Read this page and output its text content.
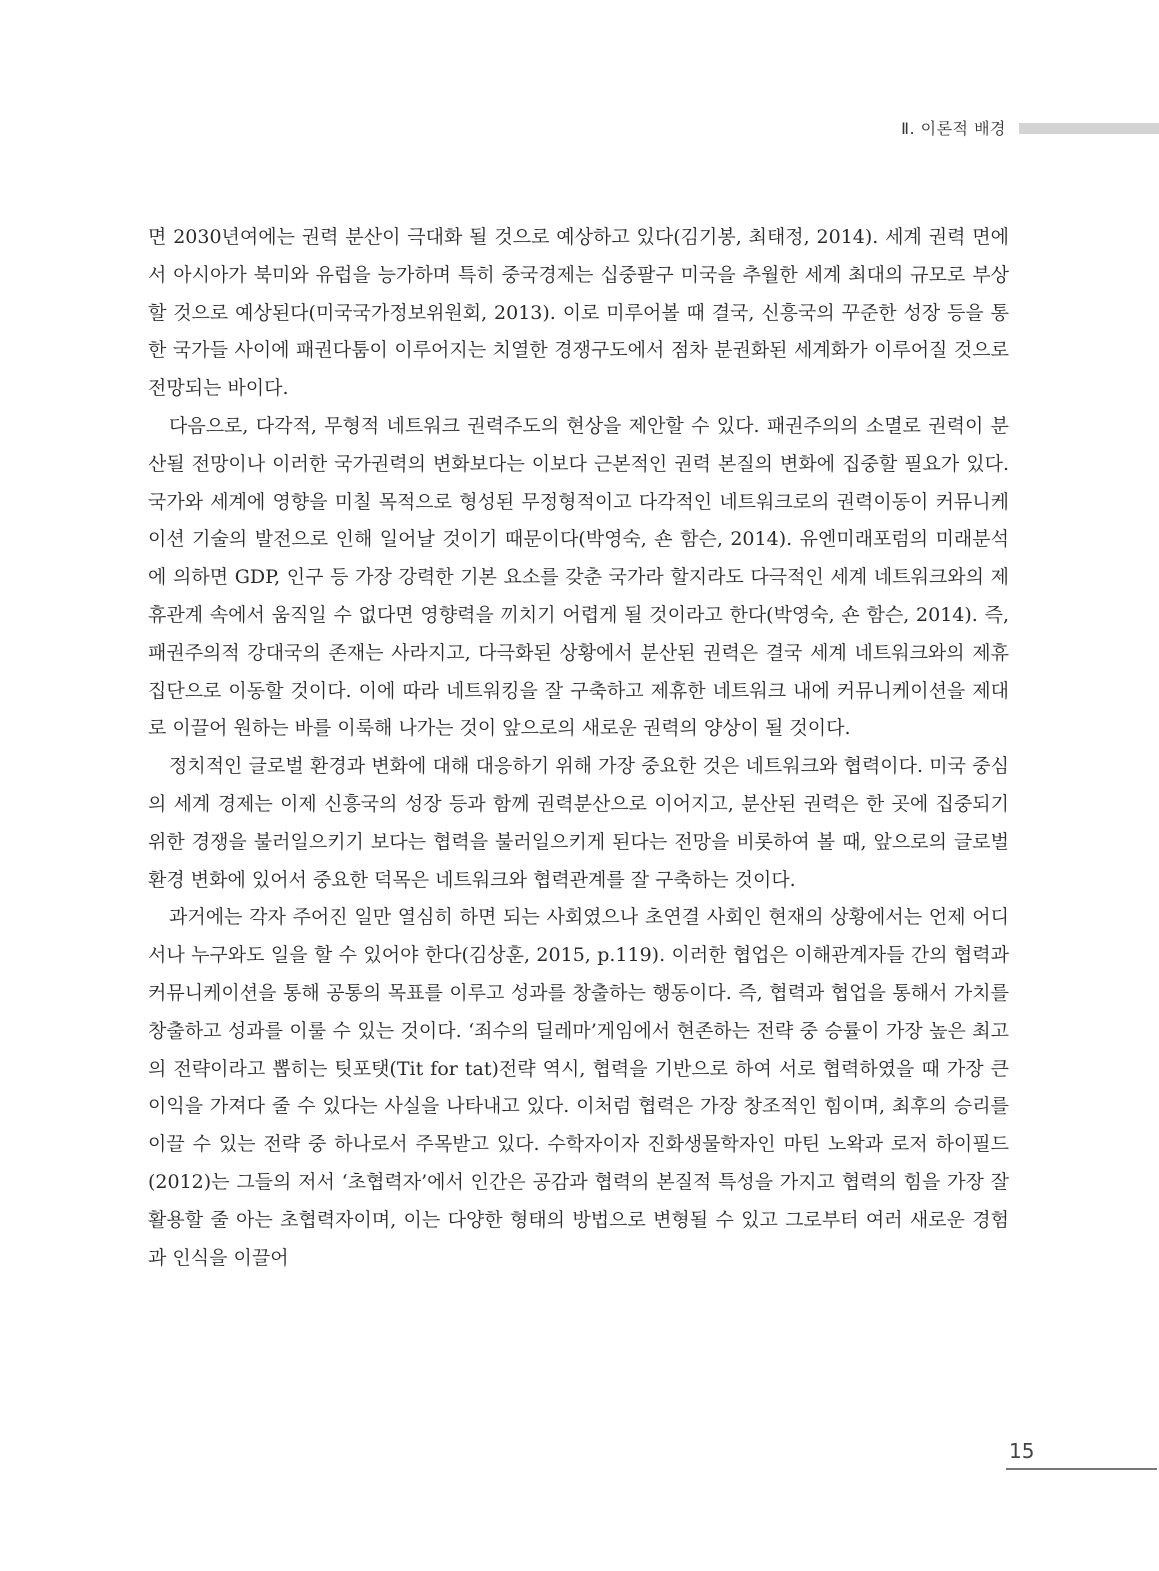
Ⅱ. 이론적 배경

면 2030년여에는 권력 분산이 극대화 될 것으로 예상하고 있다(김기봉, 최태정, 2014). 세계 권력 면에서 아시아가 북미와 유럽을 능가하며 특히 중국경제는 십중팔구 미국을 추월한 세계 최대의 규모로 부상할 것으로 예상된다(미국국가정보위원회, 2013). 이로 미루어볼 때 결국, 신흥국의 꾸준한 성장 등을 통한 국가들 사이에 패권다툼이 이루어지는 치열한 경쟁구도에서 점차 분권화된 세계화가 이루어질 것으로 전망되는 바이다.

다음으로, 다각적, 무형적 네트워크 권력주도의 현상을 제안할 수 있다. 패권주의의 소멸로 권력이 분산될 전망이나 이러한 국가권력의 변화보다는 이보다 근본적인 권력 본질의 변화에 집중할 필요가 있다. 국가와 세계에 영향을 미칠 목적으로 형성된 무정형적이고 다각적인 네트워크로의 권력이동이 커뮤니케이션 기술의 발전으로 인해 일어날 것이기 때문이다(박영숙, 숀 함슨, 2014). 유엔미래포럼의 미래분석에 의하면 GDP, 인구 등 가장 강력한 기본 요소를 갖춘 국가라 할지라도 다극적인 세계 네트워크와의 제휴관계 속에서 움직일 수 없다면 영향력을 끼치기 어렵게 될 것이라고 한다(박영숙, 숀 함슨, 2014). 즉, 패권주의적 강대국의 존재는 사라지고, 다극화된 상황에서 분산된 권력은 결국 세계 네트워크와의 제휴집단으로 이동할 것이다. 이에 따라 네트워킹을 잘 구축하고 제휴한 네트워크 내에 커뮤니케이션을 제대로 이끌어 원하는 바를 이룩해 나가는 것이 앞으로의 새로운 권력의 양상이 될 것이다.

정치적인 글로벌 환경과 변화에 대해 대응하기 위해 가장 중요한 것은 네트워크와 협력이다. 미국 중심의 세계 경제는 이제 신흥국의 성장 등과 함께 권력분산으로 이어지고, 분산된 권력은 한 곳에 집중되기 위한 경쟁을 불러일으키기 보다는 협력을 불러일으키게 된다는 전망을 비롯하여 볼 때, 앞으로의 글로벌 환경 변화에 있어서 중요한 덕목은 네트워크와 협력관계를 잘 구축하는 것이다.

과거에는 각자 주어진 일만 열심히 하면 되는 사회였으나 초연결 사회인 현재의 상황에서는 언제 어디서나 누구와도 일을 할 수 있어야 한다(김상훈, 2015, p.119). 이러한 협업은 이해관계자들 간의 협력과 커뮤니케이션을 통해 공통의 목표를 이루고 성과를 창출하는 행동이다. 즉, 협력과 협업을 통해서 가치를 창출하고 성과를 이룰 수 있는 것이다. ‘죄수의 딜레마’게임에서 현존하는 전략 중 승률이 가장 높은 최고의 전략이라고 뽑히는 팃포탯(Tit for tat)전략 역시, 협력을 기반으로 하여 서로 협력하였을 때 가장 큰 이익을 가져다 줄 수 있다는 사실을 나타내고 있다. 이처럼 협력은 가장 창조적인 힘이며, 최후의 승리를 이끌 수 있는 전략 중 하나로서 주목받고 있다. 수학자이자 진화생물학자인 마틴 노왁과 로저 하이필드(2012)는 그들의 저서 ‘초협력자’에서 인간은 공감과 협력의 본질적 특성을 가지고 협력의 힘을 가장 잘 활용할 줄 아는 초협력자이며, 이는 다양한 형태의 방법으로 변형될 수 있고 그로부터 여러 새로운 경험과 인식을 이끌어

15
